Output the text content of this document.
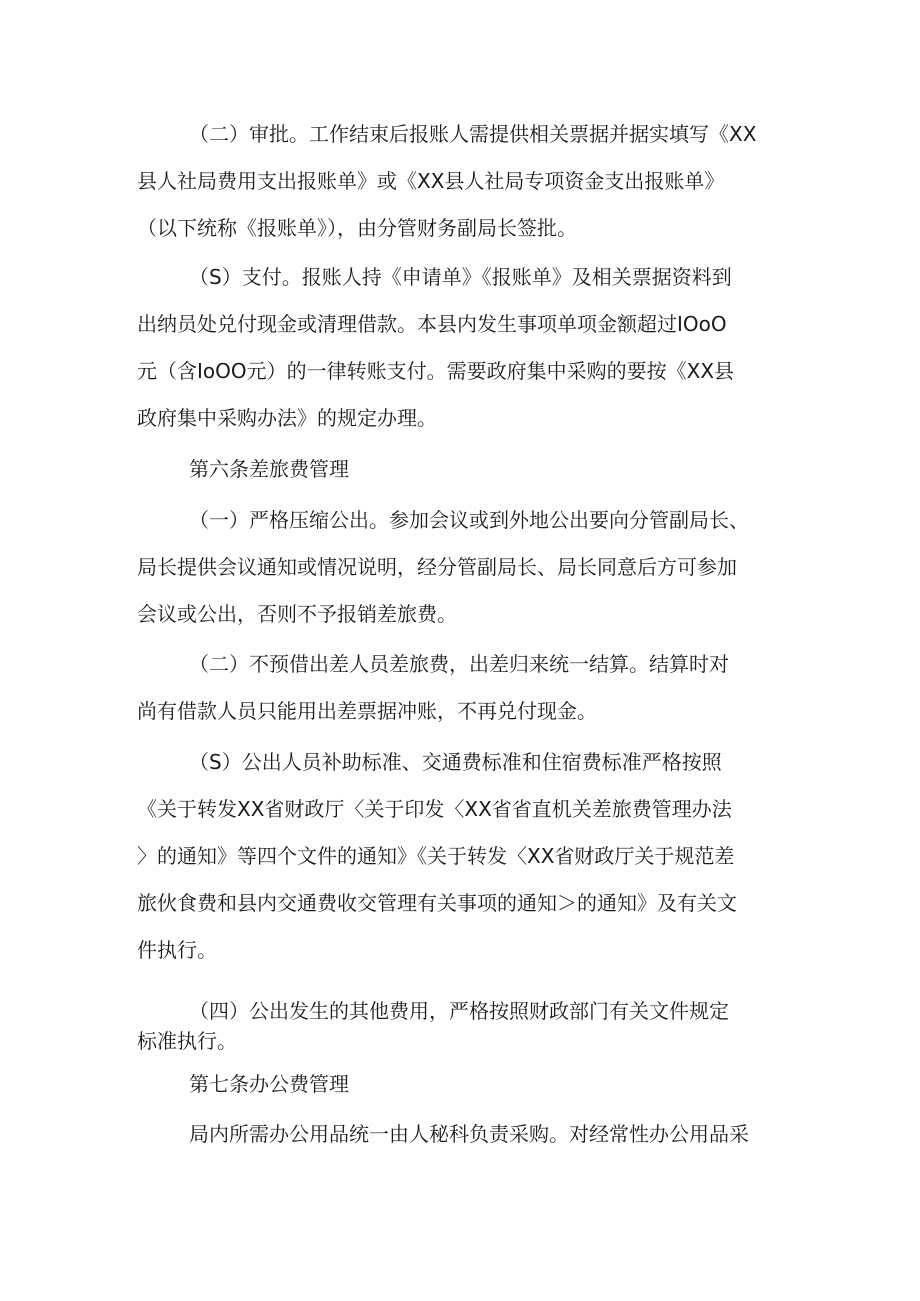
（二）审批。工作结束后报账人需提供相关票据并据实填写《XX
县人社局费用支出报账单》或《XX县人社局专项资金支出报账单》
（以下统称《报账单》），由分管财务副局长签批。
（S）支付。报账人持《申请单》《报账单》及相关票据资料到
出纳员处兑付现金或清理借款。本县内发生事项单项金额超过IOoO
元（含IoOO元）的一律转账支付。需要政府集中采购的要按《XX县
政府集中采购办法》的规定办理。
第六条差旅费管理
（一）严格压缩公出。参加会议或到外地公出要向分管副局长、
局长提供会议通知或情况说明，经分管副局长、局长同意后方可参加
会议或公出，否则不予报销差旅费。
（二）不预借出差人员差旅费，出差归来统一结算。结算时对
尚有借款人员只能用出差票据冲账，不再兑付现金。
（S）公出人员补助标准、交通费标准和住宿费标准严格按照
《关于转发XX省财政厅〈关于印发〈XX省省直机关差旅费管理办法
〉的通知》等四个文件的通知》《关于转发〈XX省财政厅关于规范差
旅伙食费和县内交通费收交管理有关事项的通知＞的通知》及有关文
件执行。
（四）公出发生的其他费用，严格按照财政部门有关文件规定
标准执行。
第七条办公费管理
局内所需办公用品统一由人秘科负责采购。对经常性办公用品采
